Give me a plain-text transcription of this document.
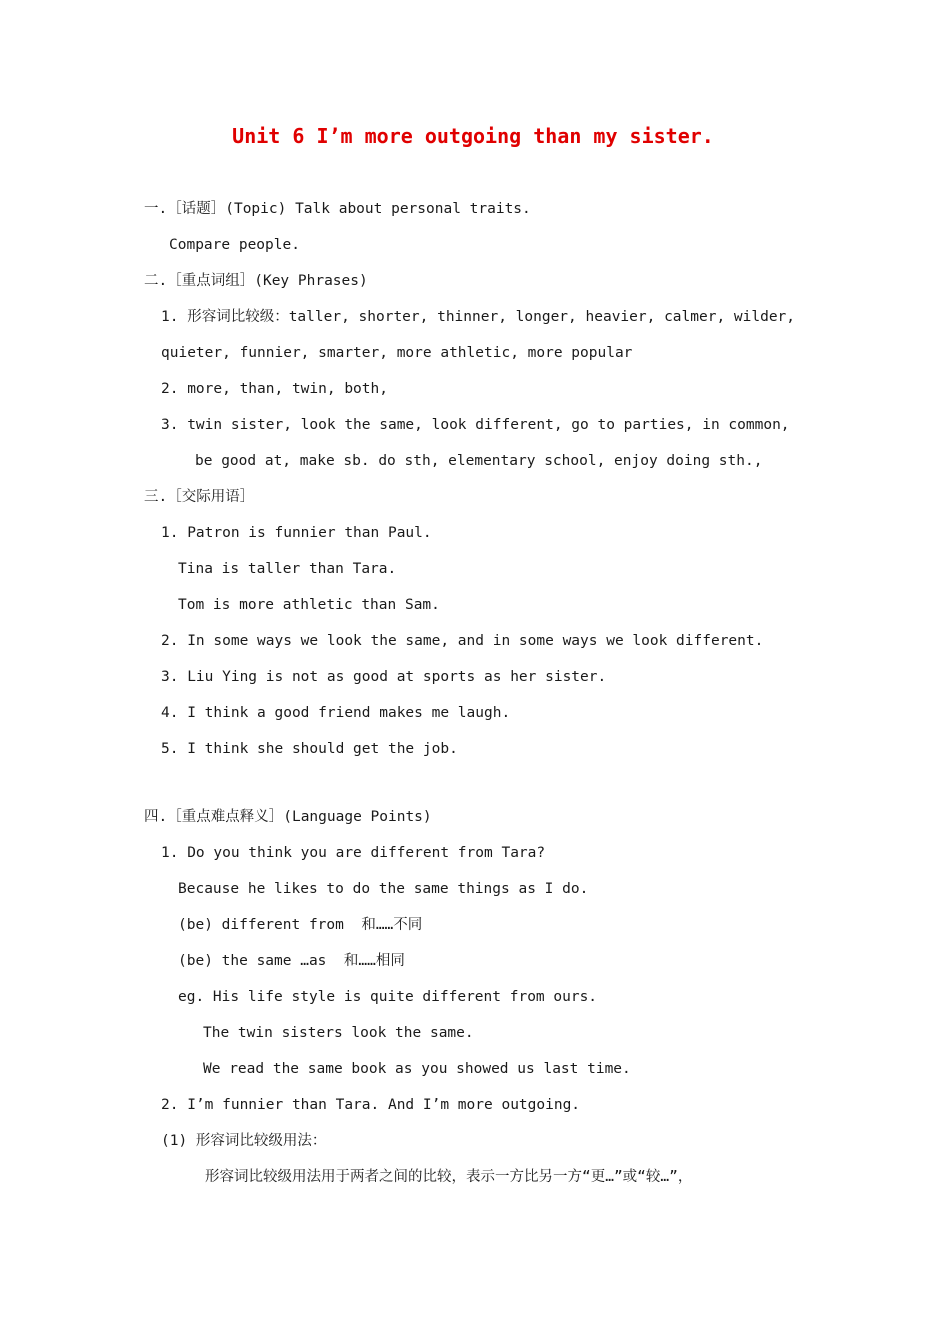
Unit 6 I’m more outgoing than my sister.
一.［话题］(Topic) Talk about personal traits.
Compare people.
二.［重点词组］(Key Phrases)
1. 形容词比较级：taller, shorter, thinner, longer, heavier, calmer, wilder,
quieter, funnier, smarter, more athletic, more popular
2. more, than, twin, both,
3. twin sister, look the same, look different, go to parties, in common,
be good at, make sb. do sth, elementary school, enjoy doing sth.,
三.［交际用语］
1. Patron is funnier than Paul.
Tina is taller than Tara.
Tom is more athletic than Sam.
2. In some ways we look the same, and in some ways we look different.
3. Liu Ying is not as good at sports as her sister.
4. I think a good friend makes me laugh.
5. I think she should get the job.
四.［重点难点释义］(Language Points)
1. Do you think you are different from Tara?
Because he likes to do the same things as I do.
(be) different from  和……不同
(be) the same …as  和……相同
eg. His life style is quite different from ours.
The twin sisters look the same.
We read the same book as you showed us last time.
2. I’m funnier than Tara. And I’m more outgoing.
(1) 形容词比较级用法：
形容词比较级用法用于两者之间的比较，表示一方比另一方“更…”或“较…”，
